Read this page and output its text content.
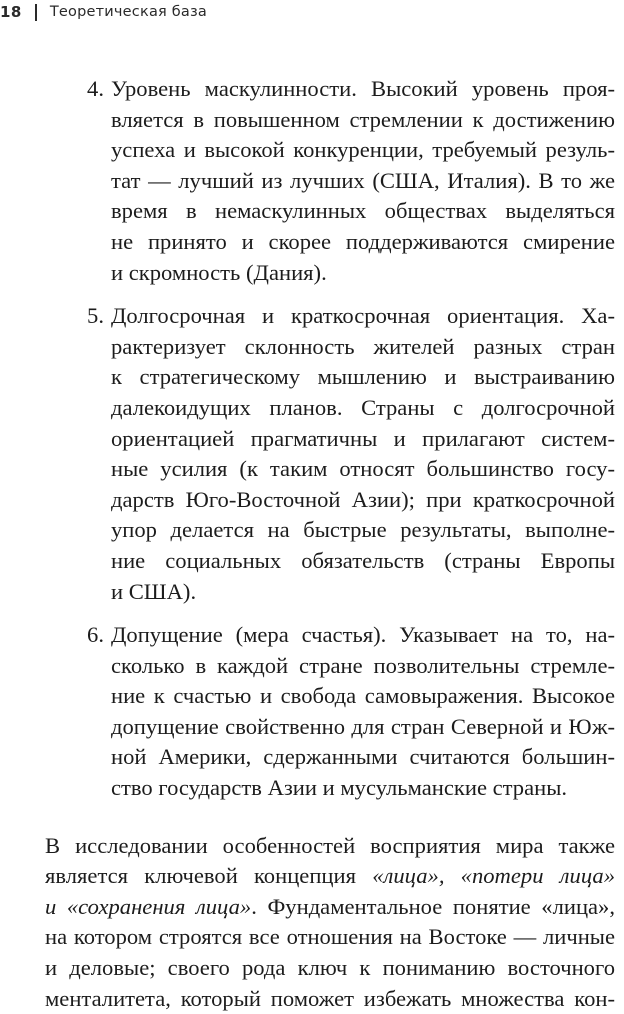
18 Теоретическая база
4. Уровень маскулинности. Высокий уровень проя-
вляется в повышенном стремлении к достижению
успеха и высокой конкуренции, требуемый резуль-
тат — лучший из лучших (США, Италия). В то же
время в немаскулинных обществах выделяться
не принято и скорее поддерживаются смирение
и скромность (Дания).
5. Долгосрочная и краткосрочная ориентация. Ха-
рактеризует склонность жителей разных стран
к стратегическому мышлению и выстраиванию
далекоидущих планов. Страны с долгосрочной
ориентацией прагматичны и прилагают систем-
ные усилия (к таким относят большинство госу-
дарств Юго-Восточной Азии); при краткосрочной
упор делается на быстрые результаты, выполне-
ние социальных обязательств (страны Европы
и США).
6. Допущение (мера счастья). Указывает на то, на-
сколько в каждой стране позволительны стремле-
ние к счастью и свобода самовыражения. Высокое
допущение свойственно для стран Северной и Юж-
ной Америки, сдержанными считаются большин-
ство государств Азии и мусульманские страны.

В исследовании особенностей восприятия мира также
является ключевой концепция «лица», «потери лица»
и «сохранения лица». Фундаментальное понятие «лица»,
на котором строятся все отношения на Востоке — личные
и деловые; своего рода ключ к пониманию восточного
менталитета, который поможет избежать множества кон-
